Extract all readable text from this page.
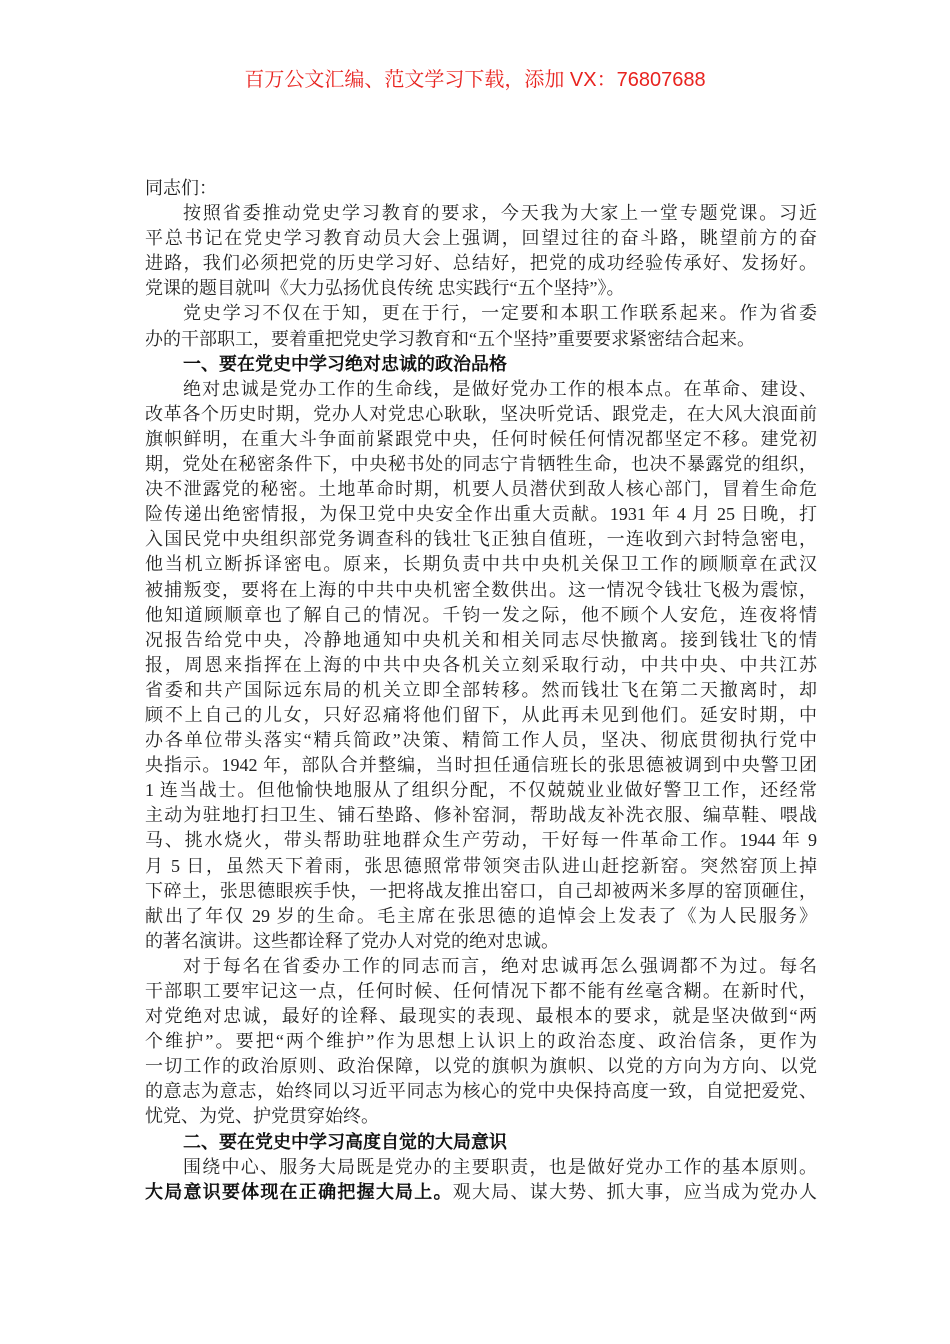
百万公文汇编、范文学习下载，添加 VX：76807688
同志们：
按照省委推动党史学习教育的要求，今天我为大家上一堂专题党课。习近
平总书记在党史学习教育动员大会上强调，回望过往的奋斗路，眺望前方的奋
进路，我们必须把党的历史学习好、总结好，把党的成功经验传承好、发扬好。
党课的题目就叫《大力弘扬优良传统 忠实践行“五个坚持”》。
党史学习不仅在于知，更在于行，一定要和本职工作联系起来。作为省委
办的干部职工，要着重把党史学习教育和“五个坚持”重要要求紧密结合起来。
一、要在党史中学习绝对忠诚的政治品格
绝对忠诚是党办工作的生命线，是做好党办工作的根本点。在革命、建设、
改革各个历史时期，党办人对党忠心耿耿，坚决听党话、跟党走，在大风大浪面前
旗帜鲜明，在重大斗争面前紧跟党中央，任何时候任何情况都坚定不移。建党初
期，党处在秘密条件下，中央秘书处的同志宁肯牺牲生命，也决不暴露党的组织，
决不泄露党的秘密。土地革命时期，机要人员潜伏到敌人核心部门，冒着生命危
险传递出绝密情报，为保卫党中央安全作出重大贡献。1931 年 4 月 25 日晚，打
入国民党中央组织部党务调查科的钱壮飞正独自值班，一连收到六封特急密电，
他当机立断拆译密电。原来，长期负责中共中央机关保卫工作的顾顺章在武汉
被捕叛变，要将在上海的中共中央机密全数供出。这一情况令钱壮飞极为震惊，
他知道顾顺章也了解自己的情况。千钧一发之际，他不顾个人安危，连夜将情
况报告给党中央，冷静地通知中央机关和相关同志尽快撤离。接到钱壮飞的情
报，周恩来指挥在上海的中共中央各机关立刻采取行动，中共中央、中共江苏
省委和共产国际远东局的机关立即全部转移。然而钱壮飞在第二天撤离时，却
顾不上自己的儿女，只好忍痛将他们留下，从此再未见到他们。延安时期，中
办各单位带头落实“精兵简政”决策、精简工作人员，坚决、彻底贯彻执行党中
央指示。1942 年，部队合并整编，当时担任通信班长的张思德被调到中央警卫团
1 连当战士。但他愉快地服从了组织分配，不仅兢兢业业做好警卫工作，还经常
主动为驻地打扫卫生、铺石垫路、修补窑洞，帮助战友补洗衣服、编草鞋、喂战
马、挑水烧火，带头帮助驻地群众生产劳动，干好每一件革命工作。1944 年 9
月 5 日，虽然天下着雨，张思德照常带领突击队进山赶挖新窑。突然窑顶上掉
下碎土，张思德眼疾手快，一把将战友推出窑口，自己却被两米多厚的窑顶砸住，
献出了年仅 29 岁的生命。毛主席在张思德的追悼会上发表了《为人民服务》
的著名演讲。这些都诠释了党办人对党的绝对忠诚。
对于每名在省委办工作的同志而言，绝对忠诚再怎么强调都不为过。每名
干部职工要牢记这一点，任何时候、任何情况下都不能有丝毫含糊。在新时代，
对党绝对忠诚，最好的诠释、最现实的表现、最根本的要求，就是坚决做到“两
个维护”。要把“两个维护”作为思想上认识上的政治态度、政治信条，更作为
一切工作的政治原则、政治保障，以党的旗帜为旗帜、以党的方向为方向、以党
的意志为意志，始终同以习近平同志为核心的党中央保持高度一致，自觉把爱党、
忧党、为党、护党贯穿始终。
二、要在党史中学习高度自觉的大局意识
围绕中心、服务大局既是党办的主要职责，也是做好党办工作的基本原则。
大局意识要体现在正确把握大局上。观大局、谋大势、抓大事，应当成为党办人
